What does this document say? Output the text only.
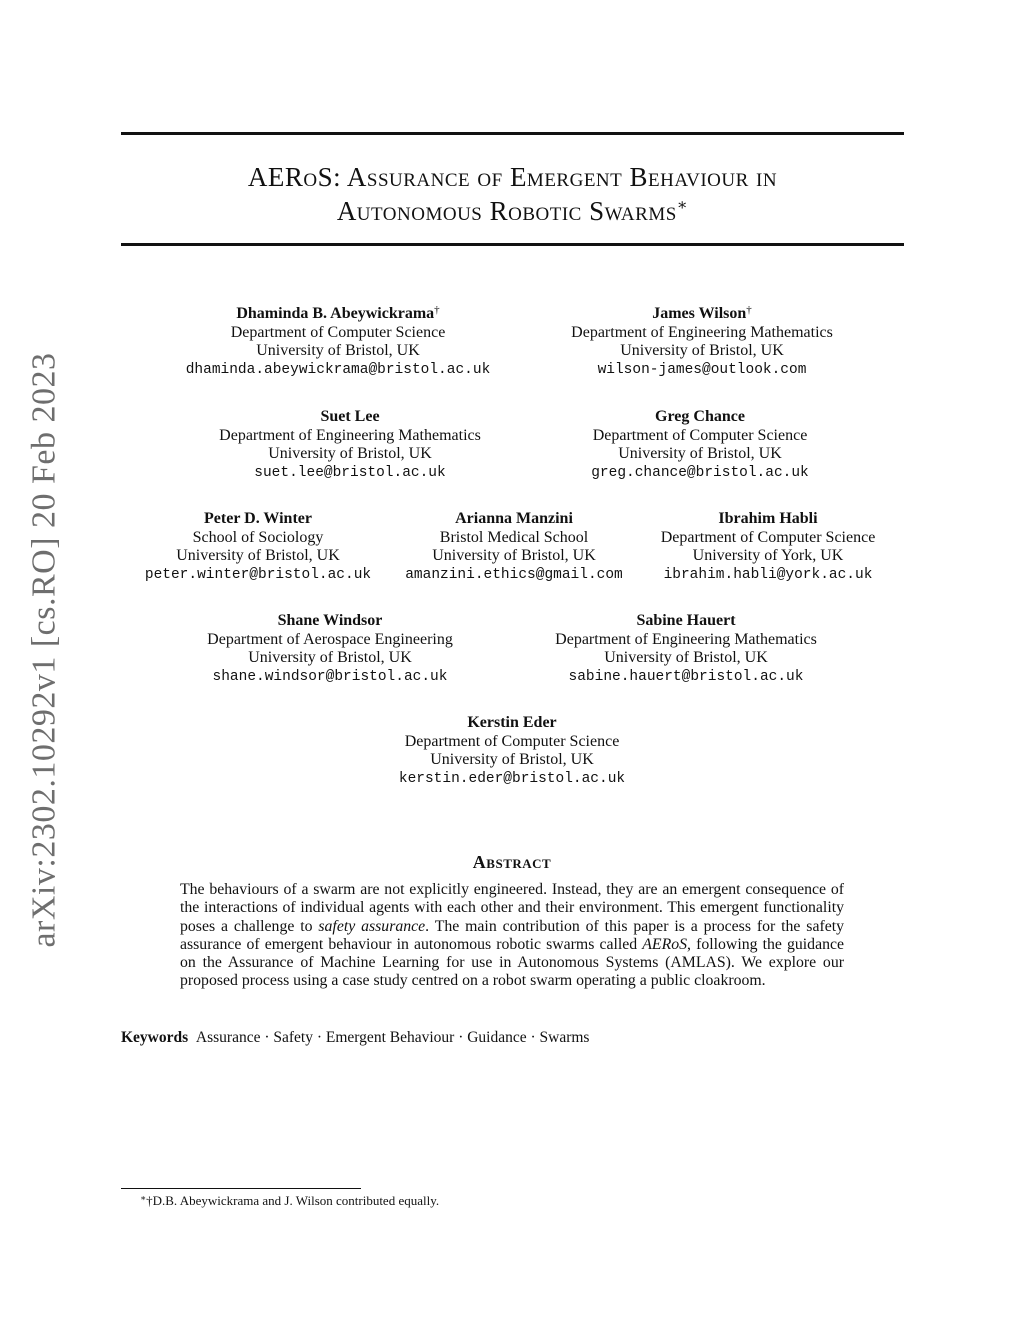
arXiv:2302.10292v1 [cs.RO] 20 Feb 2023
AERoS: Assurance of Emergent Behaviour in
Autonomous Robotic Swarms∗
Dhaminda B. Abeywickrama†
Department of Computer Science
University of Bristol, UK
dhaminda.abeywickrama@bristol.ac.uk
James Wilson†
Department of Engineering Mathematics
University of Bristol, UK
wilson-james@outlook.com
Suet Lee
Department of Engineering Mathematics
University of Bristol, UK
suet.lee@bristol.ac.uk
Greg Chance
Department of Computer Science
University of Bristol, UK
greg.chance@bristol.ac.uk
Peter D. Winter
School of Sociology
University of Bristol, UK
peter.winter@bristol.ac.uk
Arianna Manzini
Bristol Medical School
University of Bristol, UK
amanzini.ethics@gmail.com
Ibrahim Habli
Department of Computer Science
University of York, UK
ibrahim.habli@york.ac.uk
Shane Windsor
Department of Aerospace Engineering
University of Bristol, UK
shane.windsor@bristol.ac.uk
Sabine Hauert
Department of Engineering Mathematics
University of Bristol, UK
sabine.hauert@bristol.ac.uk
Kerstin Eder
Department of Computer Science
University of Bristol, UK
kerstin.eder@bristol.ac.uk
Abstract
The behaviours of a swarm are not explicitly engineered. Instead, they are an emergent consequence of the interactions of individual agents with each other and their environment. This emergent functionality poses a challenge to safety assurance. The main contribution of this paper is a process for the safety assurance of emergent behaviour in autonomous robotic swarms called AERoS, following the guidance on the Assurance of Machine Learning for use in Autonomous Systems (AMLAS). We explore our proposed process using a case study centred on a robot swarm operating a public cloakroom.
Keywords Assurance · Safety · Emergent Behaviour · Guidance · Swarms
∗†D.B. Abeywickrama and J. Wilson contributed equally.
